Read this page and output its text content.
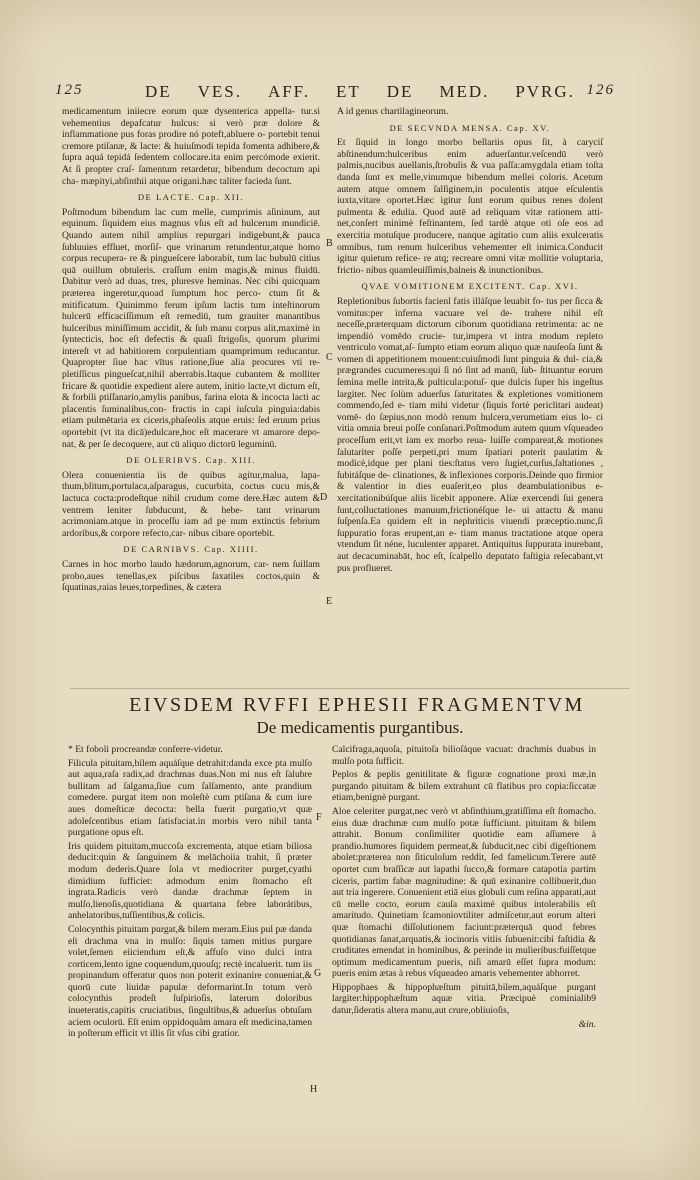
125	DE VES. AFF. ET DE MED. PVRG. 126

medicamentum iniiecre eorum quæ dysenterica appella- tur.si vehementius depafcatur hulcus: si verò præ dolore & inflammatione pus foras prodire nó poteft,abluere o- portebit tenui cremore ptiſanæ, & lacte: & huiuſmodi tepida fomenta adhibere,& ſupra aquá tepidá ſedentem collocare.ita enim percómode exierit. At ſi propter craſ- ſamentum retardetur, bibendum decoctum api cha- mæpityi,abſinthii atque origani.hæc taliter facieda ſunt.

DE LACTE. Cap. XII.

Poſtmodum bibendum lac cum melle, cumprimis aſininum, aut equinum. ſiquidem eius magnus vſus eſt ad hulcerum mundiciē. Quando autem nihil amplius repurgari indigebunt,& pauca ſubluuies effluet, morſiſ- que vrinarum retundentur,atque homo corpus recupera- re & pingueſcere laborabit, tum lac bubulū citius quā ouillum obtuleris. craſſum enim magis,& minus fluidū. Dabitur verò ad duas, tres, pluresve heminas. Nec cibi quicquam præterea ingeretur,quoad ſumptum hoc perco- ctum ſit & mitificatum. Quinimmo ferum ipſum lactis tum inteſtinorum hulcerū efficaciſſimum eſt remediū, tum grauiter manantibus hulceribus miniſſimum accidit, & ſub manu corpus alit,maximè in ſyntecticis, hoc eſt defectis & quaſi ſtrigoſis, quorum plurimi intereſt vt ad habitiorem corpulentiam quamprimum reducantur. Quapropter ſiue hac vītus ratione,ſiue alia procures vti re- pletiſſicus pingueſcat,nihil aberrabis.Itaque cubantem & molliter fricare & quotidie expedient alere autem, initio lacte,vt dictum eſt, & forbili ptiſſanario,amylis panibus, farina elota & incocta lacti ac placentis ſuminalibus,con- fractis in capi iuſcula pinguia:dabis etiam pulmētaria ex ciceris,phaſeolis atque eruis: ſed eruum prius oportebit (vt ita dicā)edulcare,hoc eſt macerare vt amarore depo- nat, & per ſe decoquere, aut cū aliquo dictorū leguminū.

DE OLERIBVS. Cap. XIII.

Olera conuenientia iis de quibus agitur,malua, lapa- thum,blitum,portulaca,aſparagus, cucurbita, coctus cucu mis,& lactuca cocta:prodeſtque nihil crudum come dere.Hæc autem & ventrem leniter ſubducunt, & hebe- tant vrinarum acrimoniam.atque in proceſſu iam ad pe num extinctis febrium ardoribus,& corpore refecto,car- nibus cibare oportebit.

DE CARNIBVS. Cap. XIIII.

Carnes in hoc morbo laudo hædorum,agnorum, car- nem ſuillam probo,aues tenellas,ex piſcibus ſaxatiles coctos,quin & ſquatinas,raias leues,torpedines, & cætera

A id genus chartilagineorum.

DE SECVNDA MENSA. Cap. XV.

Et ſiquid in longo morbo bellariis opus ſit, à caryciſ abſtinendum:hulceribus enim aduerſantur.veſcendū verò palmis,nucibus auellanis,ſtrobulis & vua paſſa:amygdala etiam toſta danda ſunt ex melle,vinumque bibendum mellei coloris. Acetum autem atque omnem ſalſiginem,in poculentis atque eſculentis iuxta,vitare oportet.Hæc igitur ſunt eorum quibus renes dolent pulmenta & edulia. Quod autē ad reliquam vitæ rationem atti- net,conſert minimè feſtinantem, ſed tardè atque oti oſe eos ad exercitia motuſque producere, nanque agitatio cum aliis exulceratis omnibus, tum renum hulceribus vehementer eſt inimica.Conducit igitur quietum refice- re atq; recreare omni vitæ mollitie voluptaria, frictio- nibus quamleuiſſimis,balneis & inunctionibus.

QVAE VOMITIONEM EXCITENT. Cap. XVI.

Repletionibus ſubortis facienl fatis illáſque leuabit fo- tus per ſicca & vomitus:per inferna vacuare vel de- trahere nihil eſt neceſſe,præterquam dictorum ciborum quotidiana retrimenta: ac ne impendió vomēdo crucie- tur,impera vt intra modum repleto ventriculo vomat,aſ- ſumpto etiam eorum aliquo quæ nauſeoſa ſunt & vomen di appetitionem mouent:cuiuſmodi ſunt pinguia & dul- cia,& prægrandes cucumeres:qui ſi nó ſint ad manū, ſub- ſtituantur eorum ſemina melle intrita,& pulticula:potuſ- que dulcis ſuper his ingeſtus largiter. Nec ſolùm aduerſus ſaturitates & expletiones vomitionem commendo,ſed e- tiam mihi videtur (ſiquis fortè periclitari audeat) vomē- do ſæpius,non modò renum hulcera,verumetiam eius lo- ci vitia omnia breui poſſe conſanari.Poſtmodum autem quum vſqueadeo proceſſum erit,vt iam ex morbo reua- luiſſe compareat,& motiones ſalutariter poſſe perpeti,pri mum ſpatiari poterit paulatim & modicè,idque per plani ties:ſtatus vero ſugiet,curſus,ſaltationes , ſubitáſque de- clinationes, & inflexiones corporis.Deinde quo firmior & valentior in dies euaſerit,eo plus deambulationibus e- xercitationibúſque aliis licebit apponere. Aliæ exercendi ſui genera ſunt,colluctationes manuum,frictionéſque le- ui attactu & manu ſuſpenſa.Ea quidem eſt in nephriticis viuendi præceptio.nunc,ſi ſuppuratio foras erupent,an e- tiam manus tractatione atque opera vtendum ſit néne, luculenter apparet. Antiquitus ſuppurata inurebant, aut decacuminabāt, hoc eſt, ſcalpello deputato faſtigia reſecabant,vt pus proflueret.

B
C
D
E
F
G
H
EIVSDEM RVFFI EPHESII FRAGMENTVM
De medicamentis purgantibus.

* Et foboli procreandæ conferre-videtur.

Filicula pituitam,bilem aquáſque detrahit:danda exce pta mulſo aut aqua,raſa radix,ad drachmas duas.Non mi nus eſt ſalubre bullitam ad ſalgama,ſiue cum ſalſamento, ante prandium comedere. purgat item non moleſtè cum ptiſana & cum iure aues domeſticæ decocta: bella fuerit purgatio,vt quæ adoleſcentibus etiam ſatisfaciat.in morbis vero nihil tanta purgatione opus eſt.

Iris quidem pituitam,muccoſa excrementa, atque etiam biliosa deducit:quin & ſanguinem & melāchoiia trahit, ſi præter modum dederis.Quare ſola vt mediocriter purget,cyathi dimidium ſufficiet: admodum enim ſtomacho eſt ingrata.Radicis verò dandæ drachmæ ſeptem in mulſo,lienoſis,quotidiana & quartana febre laborátibus, anhelatoribus,tuſſientibus,& colicis.

Colocynthis pituitam purgat,& bilem meram.Eius pul pæ danda eſt drachma vna in mulſo: ſiquis tamen mitius purgare volet,ſemen eiiciendum eſt,& affuſo vino dulci intra corticem,lento igne coquendum,quouſq; rectè incaluerit. tum iis propinandum offeratur quos non poterit exinanire conueniat,& quorū cute liuidæ papulæ deformarint.In totum verò colocynthis prodeſt ſuſpirioſis, laterum doloribus inueteratis,capitis cruciatibus, ſingultibus,& aduerſus obtuſam aciem oculorū. Eſt enim oppidoquàm amara eſt medicina,tamen in poſterum efficit vt illis ſit vſus cibi gratior.

Calcifraga,aquoſa, pituitoſa bilioſáque vacuat: drachmis duabus in mulſo pota ſufficit.

Peplos & peplis genitilitate & figuræ cognatione proxi mæ,in purgando pituitam & bilem extrahunt cū flatibus pro copia:ſiccatæ etiam,benignè purgant.

Aloe celeriter purgat,nec verò vt abſinthium,gratiſſima eſt ſtomacho. eius duæ drachmæ cum mulſo potæ ſufficiunt. pituitam & bilem attrahit. Bonum conſimiliter quotidie eam aſſumere à prandio.humores ſiquidem permeat,& ſubducit,nec cibi digeſtionem abolet:præterea non ſiticuloſum reddit, ſed famelicum.Terere autē oportet cum braſſicæ aut lapathi ſucco,& formare catapotia partim ciceris, partim fabæ magnitudine: & quū exinanire collibuerit,duo aut tria ingerere. Conuenient etiā eius globuli cum reſina apparati,aut cū melle cocto, eorum cauſa maximè quibus intolerabilis eſt amaritudo. Quinetiam ſcamoniovtiliter admiſcetur,aut eorum alteri quæ ſtomachi diſſolutionem faciunt:præterquā quod febres quotidianas ſanat,arquatis,& iocinoris vitiis ſubuenit:cibi faſtidia & cruditates emendat in hominibus, & perinde in mulieribus:fuiſſetque optimum medicamentum pueris, niſi amarū eſſet ſupra modum: pueris enim ætas à rebus vſqueadeo amaris vehementer abhorret.

Hippophaes & hippophæſtum pituitā,bilem,aquáſque purgant largiter:hippophæſtum aquæ vitia. Præcipuè cominialib9 datur,ſideratis altera manu,aut crure,obliuioſis,

&in.
